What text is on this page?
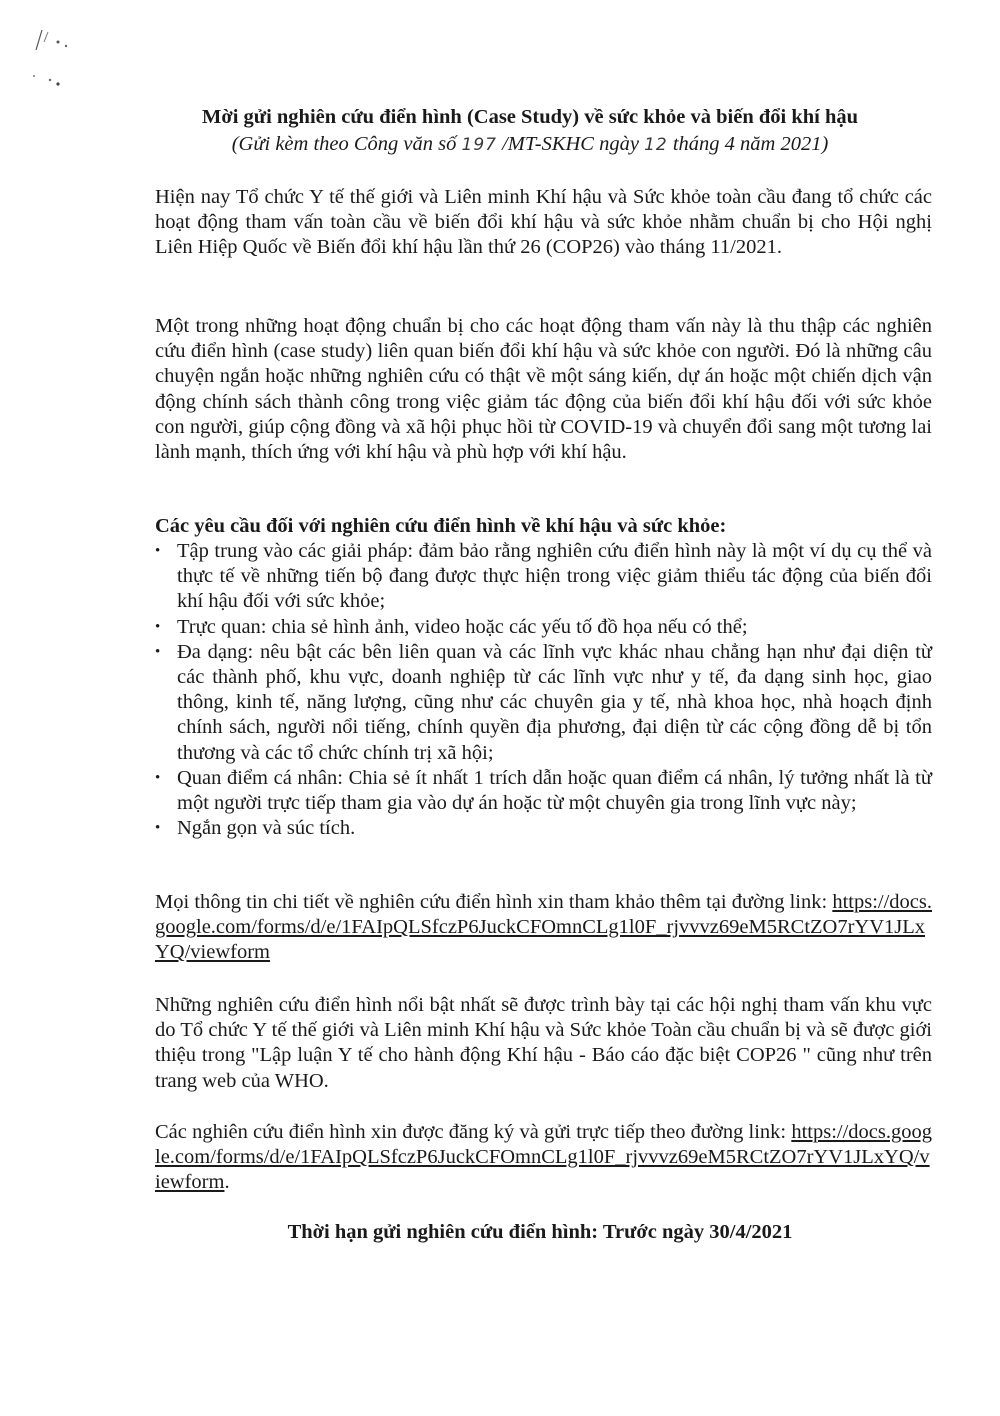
Mời gửi nghiên cứu điển hình (Case Study) về sức khỏe và biến đổi khí hậu
(Gửi kèm theo Công văn số 197 /MT-SKHC ngày 12 tháng 4 năm 2021)

Hiện nay Tổ chức Y tế thế giới và Liên minh Khí hậu và Sức khỏe toàn cầu đang tổ chức các hoạt động tham vấn toàn cầu về biến đổi khí hậu và sức khỏe nhằm chuẩn bị cho Hội nghị Liên Hiệp Quốc về Biến đổi khí hậu lần thứ 26 (COP26) vào tháng 11/2021.

Một trong những hoạt động chuẩn bị cho các hoạt động tham vấn này là thu thập các nghiên cứu điển hình (case study) liên quan biến đổi khí hậu và sức khỏe con người. Đó là những câu chuyện ngắn hoặc những nghiên cứu có thật về một sáng kiến, dự án hoặc một chiến dịch vận động chính sách thành công trong việc giảm tác động của biến đổi khí hậu đối với sức khỏe con người, giúp cộng đồng và xã hội phục hồi từ COVID-19 và chuyển đổi sang một tương lai lành mạnh, thích ứng với khí hậu và phù hợp với khí hậu.

Các yêu cầu đối với nghiên cứu điển hình về khí hậu và sức khỏe:
• Tập trung vào các giải pháp: đảm bảo rằng nghiên cứu điển hình này là một ví dụ cụ thể và thực tế về những tiến bộ đang được thực hiện trong việc giảm thiểu tác động của biến đổi khí hậu đối với sức khỏe;
• Trực quan: chia sẻ hình ảnh, video hoặc các yếu tố đồ họa nếu có thể;
• Đa dạng: nêu bật các bên liên quan và các lĩnh vực khác nhau chẳng hạn như đại diện từ các thành phố, khu vực, doanh nghiệp từ các lĩnh vực như y tế, đa dạng sinh học, giao thông, kinh tế, năng lượng, cũng như các chuyên gia y tế, nhà khoa học, nhà hoạch định chính sách, người nổi tiếng, chính quyền địa phương, đại diện từ các cộng đồng dễ bị tổn thương và các tổ chức chính trị xã hội;
• Quan điểm cá nhân: Chia sẻ ít nhất 1 trích dẫn hoặc quan điểm cá nhân, lý tưởng nhất là từ một người trực tiếp tham gia vào dự án hoặc từ một chuyên gia trong lĩnh vực này;
• Ngắn gọn và súc tích.

Mọi thông tin chi tiết về nghiên cứu điển hình xin tham khảo thêm tại đường link: https://docs.google.com/forms/d/e/1FAIpQLSfczP6JuckCFOmnCLg1l0F_rjvvvz69eM5RCtZO7rYV1JLxYQ/viewform

Những nghiên cứu điển hình nổi bật nhất sẽ được trình bày tại các hội nghị tham vấn khu vực do Tổ chức Y tế thế giới và Liên minh Khí hậu và Sức khỏe Toàn cầu chuẩn bị và sẽ được giới thiệu trong "Lập luận Y tế cho hành động Khí hậu - Báo cáo đặc biệt COP26 " cũng như trên trang web của WHO.

Các nghiên cứu điển hình xin được đăng ký và gửi trực tiếp theo đường link: https://docs.google.com/forms/d/e/1FAIpQLSfczP6JuckCFOmnCLg1l0F_rjvvvz69eM5RCtZO7rYV1JLxYQ/viewform.

Thời hạn gửi nghiên cứu điển hình: Trước ngày 30/4/2021
